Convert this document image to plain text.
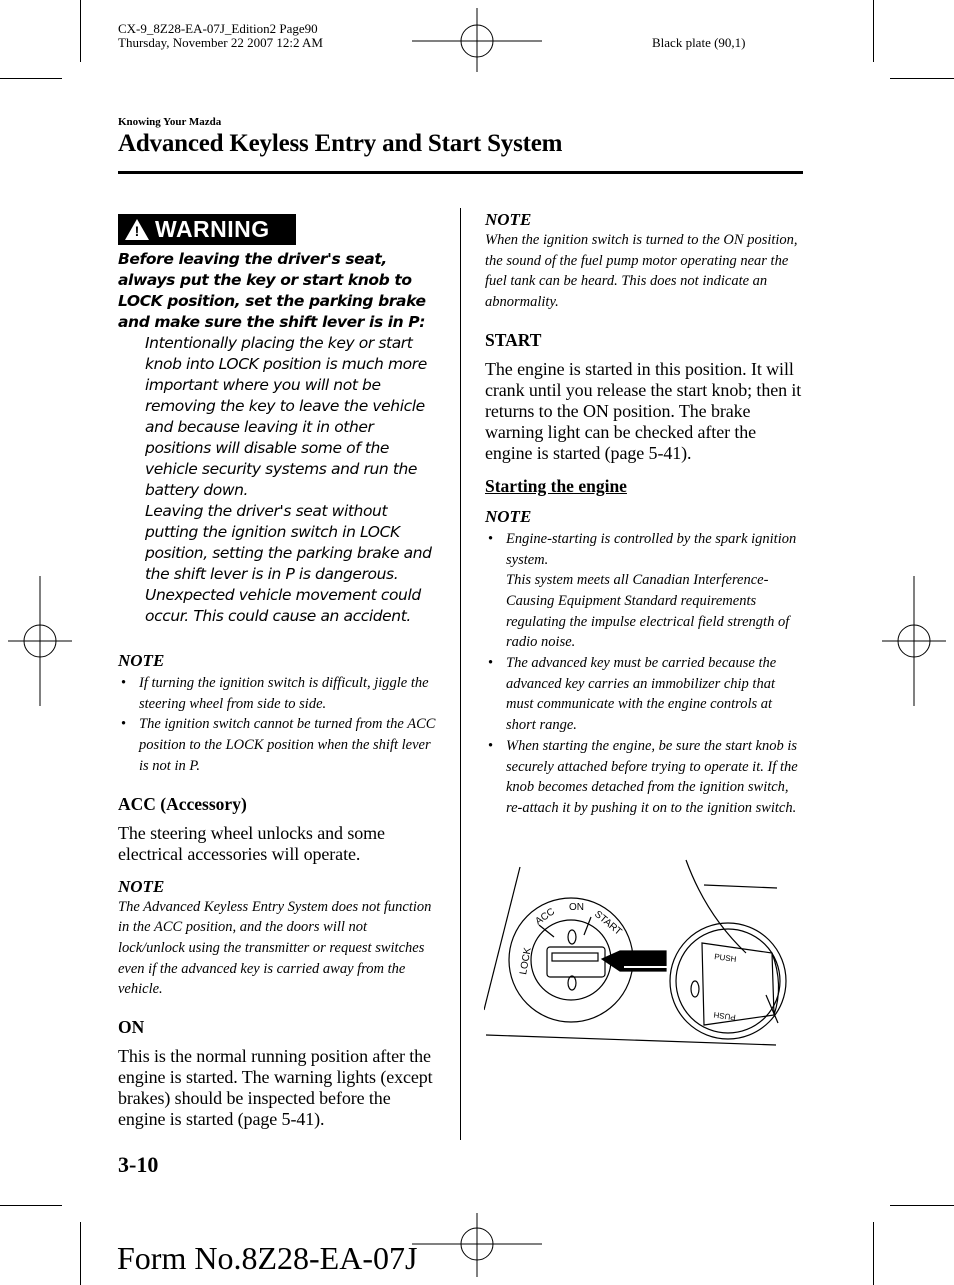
CX-9_8Z28-EA-07J_Edition2 Page90
Thursday, November 22 2007 12:2 AM	Black plate (90,1)
Knowing Your Mazda
Advanced Keyless Entry and Start System
! WARNING
Before leaving the driver's seat, always put the key or start knob to LOCK position, set the parking brake and make sure the shift lever is in P:
Intentionally placing the key or start knob into LOCK position is much more important where you will not be removing the key to leave the vehicle and because leaving it in other positions will disable some of the vehicle security systems and run the battery down.
Leaving the driver's seat without putting the ignition switch in LOCK position, setting the parking brake and the shift lever is in P is dangerous. Unexpected vehicle movement could occur. This could cause an accident.
NOTE
• If turning the ignition switch is difficult, jiggle the steering wheel from side to side.
• The ignition switch cannot be turned from the ACC position to the LOCK position when the shift lever is not in P.
ACC (Accessory)
The steering wheel unlocks and some electrical accessories will operate.
NOTE
The Advanced Keyless Entry System does not function in the ACC position, and the doors will not lock/unlock using the transmitter or request switches even if the advanced key is carried away from the vehicle.
ON
This is the normal running position after the engine is started. The warning lights (except brakes) should be inspected before the engine is started (page 5-41).
NOTE
When the ignition switch is turned to the ON position, the sound of the fuel pump motor operating near the fuel tank can be heard. This does not indicate an abnormality.
START
The engine is started in this position. It will crank until you release the start knob; then it returns to the ON position. The brake warning light can be checked after the engine is started (page 5-41).
Starting the engine
NOTE
• Engine-starting is controlled by the spark ignition system.
This system meets all Canadian Interference-Causing Equipment Standard requirements regulating the impulse electrical field strength of radio noise.
• The advanced key must be carried because the advanced key carries an immobilizer chip that must communicate with the engine controls at short range.
• When starting the engine, be sure the start knob is securely attached before trying to operate it. If the knob becomes detached from the ignition switch, re-attach it by pushing it on to the ignition switch.
LOCK
ACC ON
START
PUSH
PUSH
3-10
Form No.8Z28-EA-07J
